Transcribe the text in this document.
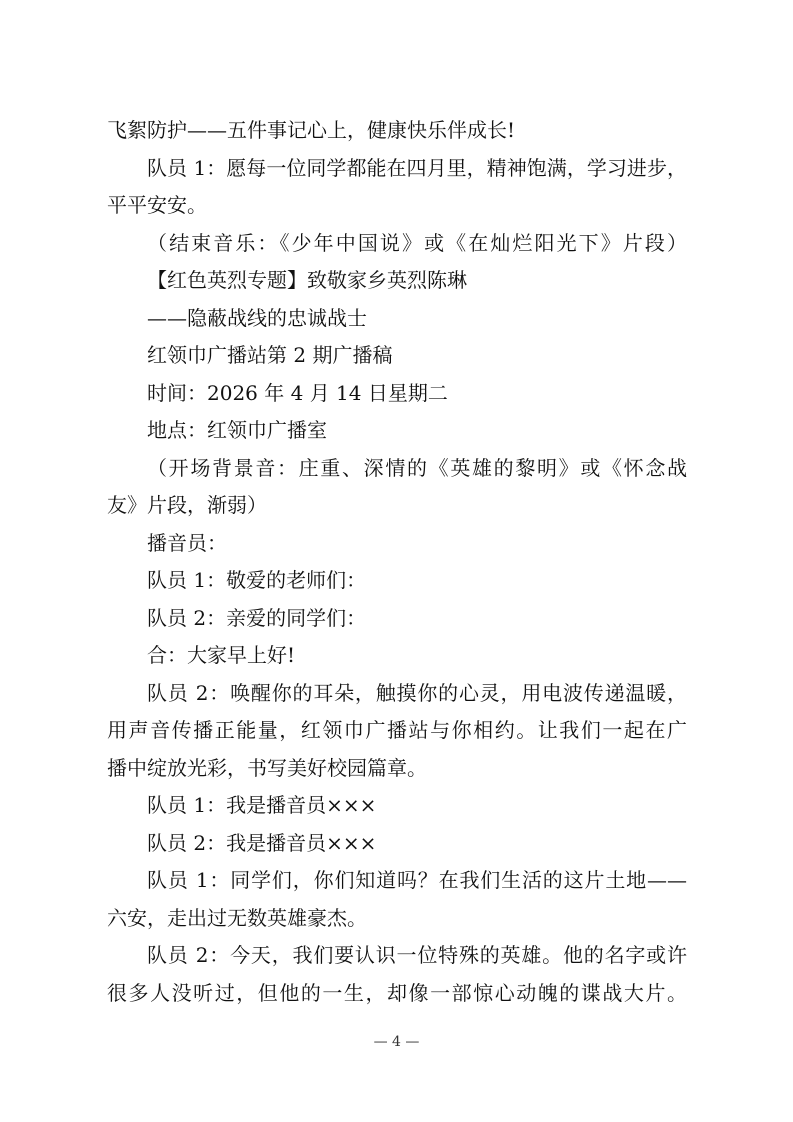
飞絮防护——五件事记心上，健康快乐伴成长!

队员 1：愿每一位同学都能在四月里，精神饱满，学习进步，

平平安安。

（结束音乐：《少年中国说》或《在灿烂阳光下》片段）

【红色英烈专题】致敬家乡英烈陈琳

——隐蔽战线的忠诚战士

红领巾广播站第 2 期广播稿

时间：2026 年 4 月 14 日星期二

地点：红领巾广播室

（开场背景音：庄重、深情的《英雄的黎明》或《怀念战

友》片段，渐弱）

播音员：

队员 1：敬爱的老师们：

队员 2：亲爱的同学们：

合：大家早上好!

队员 2：唤醒你的耳朵，触摸你的心灵，用电波传递温暖，

用声音传播正能量，红领巾广播站与你相约。让我们一起在广

播中绽放光彩，书写美好校园篇章。

队员 1：我是播音员×××

队员 2：我是播音员×××

队员 1：同学们，你们知道吗？在我们生活的这片土地——

六安，走出过无数英雄豪杰。

队员 2：今天，我们要认识一位特殊的英雄。他的名字或许

很多人没听过，但他的一生，却像一部惊心动魄的谍战大片。

— 4 —
